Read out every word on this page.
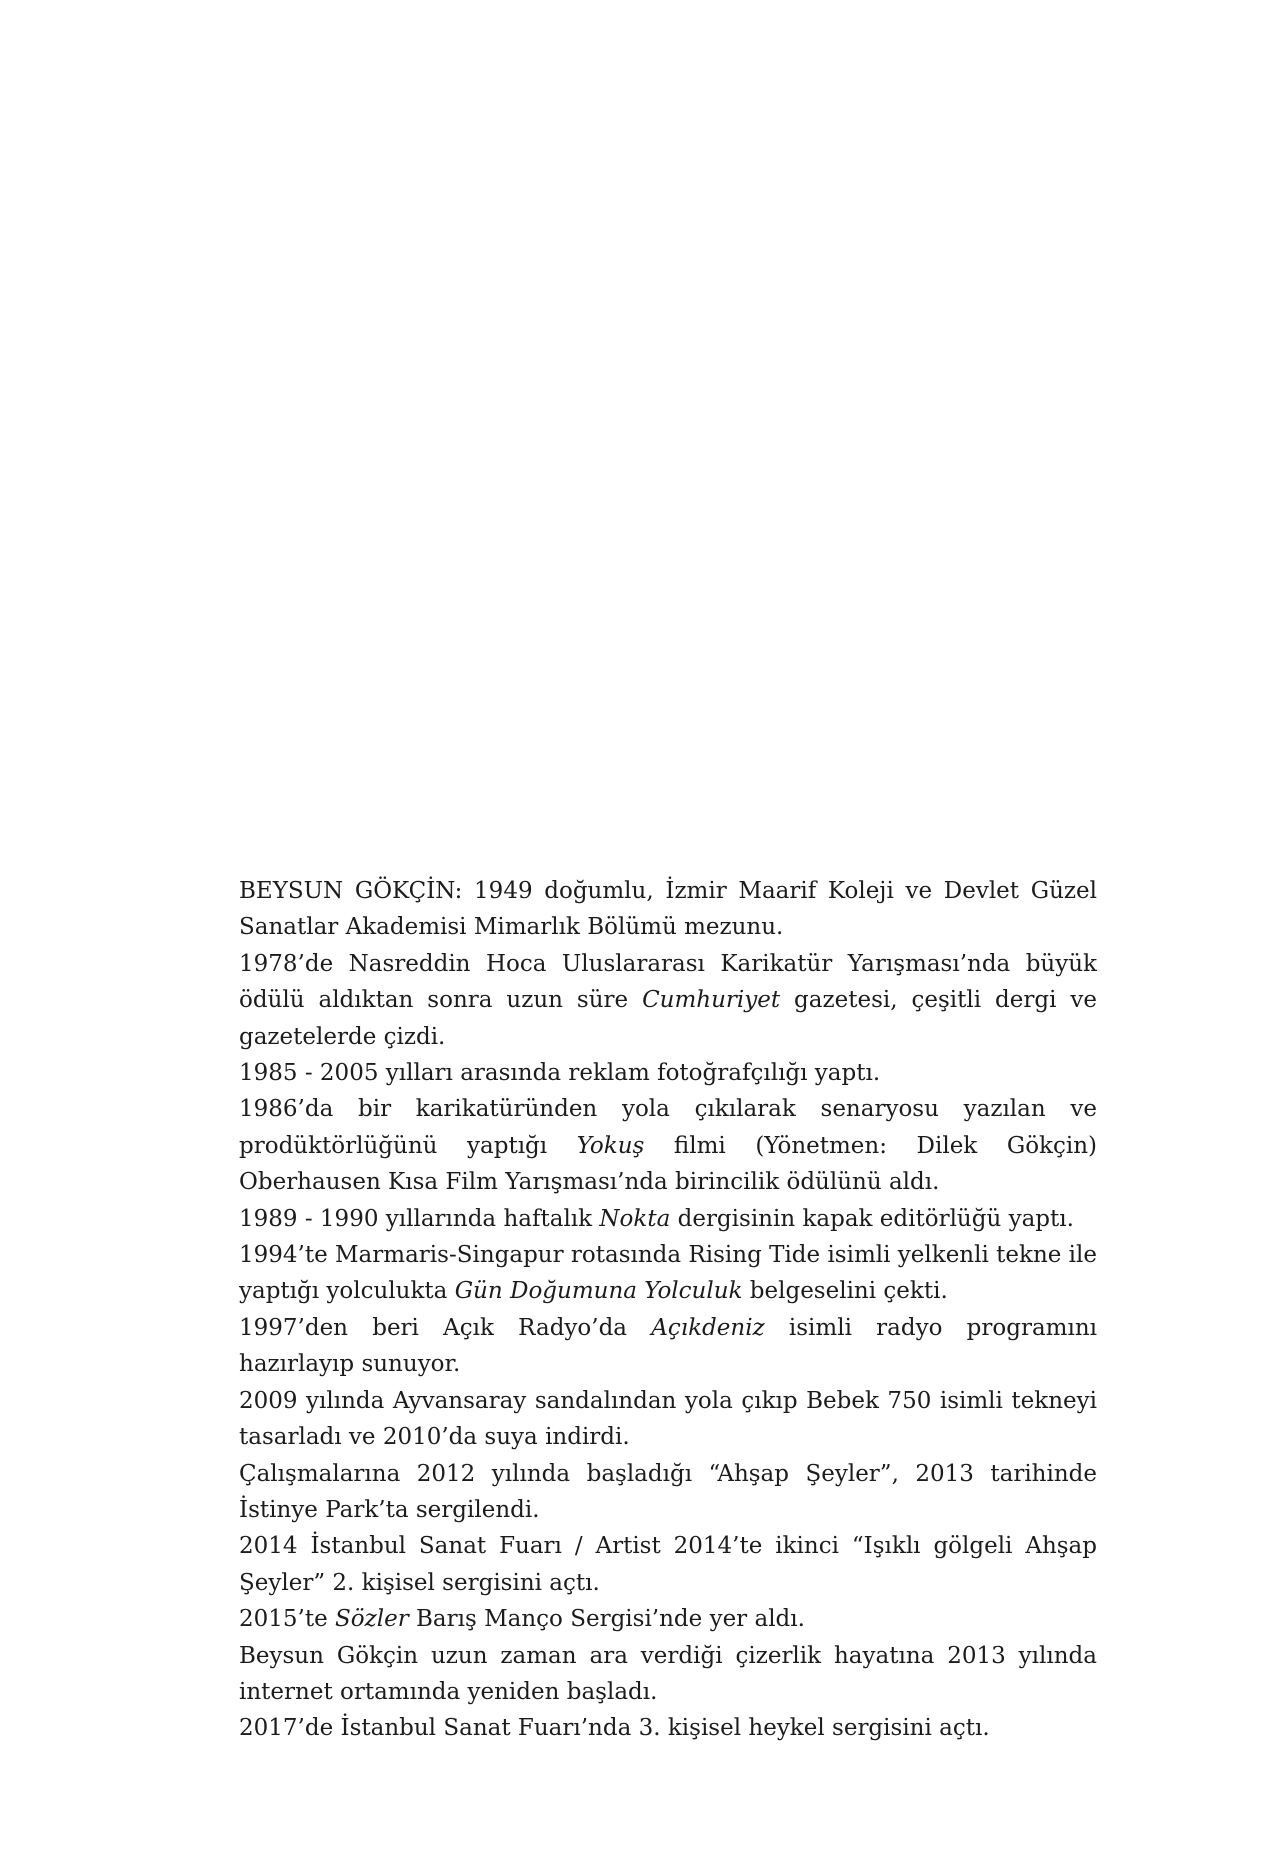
BEYSUN GÖKÇİN: 1949 doğumlu, İzmir Maarif Koleji ve Devlet Güzel Sanatlar Akademisi Mimarlık Bölümü mezunu.

1978’de Nasreddin Hoca Uluslararası Karikatür Yarışması’nda büyük ödülü aldıktan sonra uzun süre Cumhuriyet gazetesi, çeşitli dergi ve gazetelerde çizdi.

1985 - 2005 yılları arasında reklam fotoğrafçılığı yaptı.

1986’da bir karikatüründen yola çıkılarak senaryosu yazılan ve prodüktörlüğünü yaptığı Yokuş filmi (Yönetmen: Dilek Gökçin) Oberhausen Kısa Film Yarışması’nda birincilik ödülünü aldı.

1989 - 1990 yıllarında haftalık Nokta dergisinin kapak editörlüğü yaptı.

1994’te Marmaris-Singapur rotasında Rising Tide isimli yelkenli tekne ile yaptığı yolculukta Gün Doğumuna Yolculuk belgeselini çekti.

1997’den beri Açık Radyo’da Açıkdeniz isimli radyo programını hazırlayıp sunuyor.

2009 yılında Ayvansaray sandalından yola çıkıp Bebek 750 isimli tekneyi tasarladı ve 2010’da suya indirdi.

Çalışmalarına 2012 yılında başladığı “Ahşap Şeyler”, 2013 tarihinde İstinye Park’ta sergilendi.

2014 İstanbul Sanat Fuarı / Artist 2014’te ikinci “Işıklı gölgeli Ahşap Şeyler” 2. kişisel sergisini açtı.

2015’te Sözler Barış Manço Sergisi’nde yer aldı.

Beysun Gökçin uzun zaman ara verdiği çizerlik hayatına 2013 yılında internet ortamında yeniden başladı.

2017’de İstanbul Sanat Fuarı’nda 3. kişisel heykel sergisini açtı.
